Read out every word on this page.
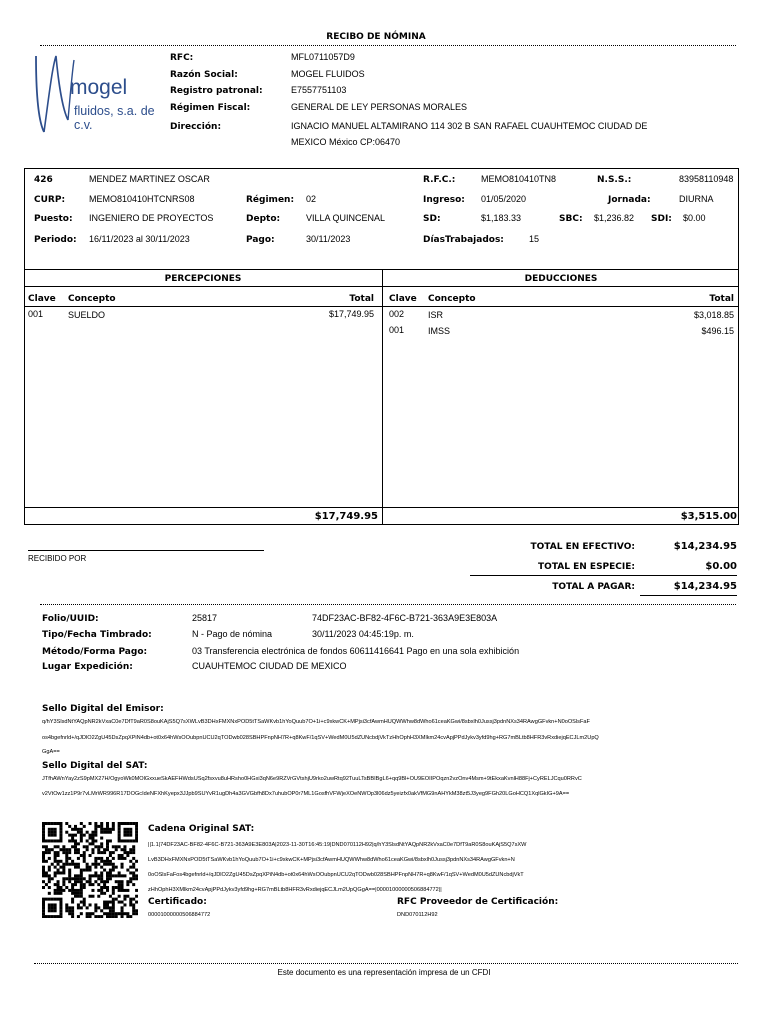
RECIBO DE NÓMINA
mogel
fluidos, s.a. de c.v.
RFC:	MFL0711057D9
Razón Social:	MOGEL FLUIDOS
Registro patronal:	E7557751103
Régimen Fiscal:	GENERAL DE LEY PERSONAS MORALES
Dirección:	IGNACIO MANUEL ALTAMIRANO 114 302 B SAN RAFAEL CUAUHTEMOC CIUDAD DE
MEXICO México CP:06470
426	MENDEZ MARTINEZ OSCAR	R.F.C.:	MEMO810410TN8	N.S.S.:	83958110948
CURP:	MEMO810410HTCNRS08	Régimen: 02	Ingreso: 01/05/2020	Jornada:	DIURNA
Puesto: INGENIERO DE PROYECTOS	Depto:	VILLA QUINCENAL	SD:	$1,183.33	SBC: $1,236.82 SDI: $0.00
Periodo: 16/11/2023 al 30/11/2023	Pago:	30/11/2023	DíasTrabajados:	15
PERCEPCIONES
Clave Concepto	Total
001	SUELDO	$17,749.95
$17,749.95
DEDUCCIONES
Clave Concepto	Total
002	ISR	$3,018.85
001	IMSS	$496.15
$3,515.00
RECIBIDO POR
TOTAL EN EFECTIVO:	$14,234.95
TOTAL EN ESPECIE:	$0.00
TOTAL A PAGAR:	$14,234.95
Folio/UUID:	25817	74DF23AC-BF82-4F6C-B721-363A9E3E803A
Tipo/Fecha Timbrado:	N - Pago de nómina	30/11/2023 04:45:19p. m.
Método/Forma Pago:	03 Transferencia electrónica de fondos 60611416641 Pago en una sola exhibición
Lugar Expedición:	CUAUHTEMOC CIUDAD DE MEXICO
Sello Digital del Emisor:
q/hY3SlsdNtYAQpNR2kVxaC0e7DfT9aR0S8ouKAjS5Q7sXWLvB3DHxFMXNxPOD5tTSaWKvb1hYoQuub7O+1i+c9xkwCK+MPjsi3cfAwmHUQWWhw8dWho61ceaKGwi/8sbxlh0Jussj3pdnNXs34RAwgGFvkn+N0oOSlsFaF
os4bgefnrld+/qJDlO2ZgU45DsZpqXPiN4db+ot0x64hWsOOubpnUCU2qTODwb028SBHPFnpNH7R+q8KwF/1qSV+WedM0U5dZUNcbdjVkTzHhOphH3XMlkm24cvApjPPdJykv3yfd9hg+RG7mBLtb8HFR3vRxdiejqECJLm2UpQ
GgA==
Sello Digital del SAT:
JTfhAWnYay2zS9pMX27H/OgyoWk0MOlGxxueSkAEFHWdsUSq2fsxvu8uHRsho0HGxi3qN6e9RZVrGVtshjU9rko2uwRtq92TuuLTsBBIBgL6+qq9Bl+OU9EOIIPOqzn2vzOnv4Msm+9tEkxaKvnlH88Fj+CyRELJCqu0RRvC
v2VtOw1zz1P9r7vLMrWR996R17DOGcIdeNFXhKyepx3JJpb9SUYvR1ugDh4a3GVGbfh8Dx7uhubOP0r7ML1GosfhVFWjeXOeNWOp3l06dz5yeizfx0akVfMG9nAHYkM38zt5J3yeg9FGh20LGoHCQ1XqlGkIG+9A==
Cadena Original SAT:
||1.1|74DF23AC-BF82-4F6C-B721-363A9E3E803A|2023-11-30T16:45:19|DND070112H92|q/hY3SlsdNtYAQpNR2kVxaC0e7DfT9aR0S8ouKAjS5Q7sXW
LvB3DHxFMXNxPOD5tTSaWKvb1hYoQuub7O+1i+c9xkwCK+MPjsi3cfAwmHUQWWhw8dWho61ceaKGwi/8sbxlh0Jussj3pdnNXs34RAwgGFvkn+N
0oOSlsFaFos4bgefnrld+/qJDlO2ZgU45DsZpqXPiN4db+ot0x64hWsOOubpnUCU2qTODwb028SBHPFnpNH7R+q8KwF/1qSV+WedM0U5dZUNcbdjVkT
zHhOphH3XMlkm24cvApjPPdJykv3yfd9hg+RG7mBLtb8HFR3vRxdiejqECJLm2UpQGgA==|00001000000506884772||
Certificado:
00001000000506884772
RFC Proveedor de Certificación:
DND070112H92
Este documento es una representación impresa de un CFDI
